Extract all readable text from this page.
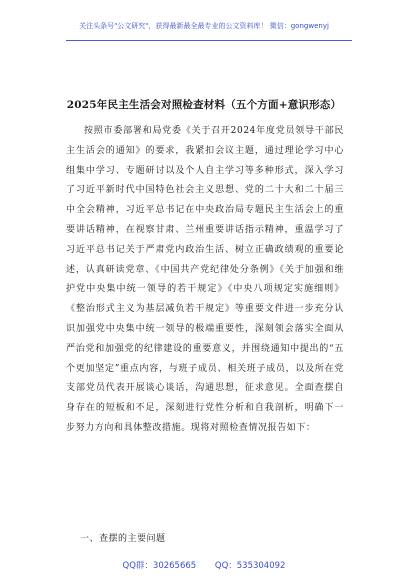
关注头条号"公文研究"，获得最新最全最专业的公文资料库！ 微信：gongwenyj
2025年民主生活会对照检查材料（五个方面+意识形态）

按照市委部署和局党委《关于召开2024年度党员领导干部民主生活会的通知》的要求，我紧扣会议主题，通过理论学习中心组集中学习、专题研讨以及个人自主学习等多种形式，深入学习了习近平新时代中国特色社会主义思想、党的二十大和二十届三中全会精神，习近平总书记在中央政治局专题民主生活会上的重要讲话精神，在视察甘肃、兰州重要讲话指示精神，重温学习了习近平总书记关于严肃党内政治生活、树立正确政绩观的重要论述，认真研读党章、《中国共产党纪律处分条例》《关于加强和维护党中央集中统一领导的若干规定》《中央八项规定实施细则》《整治形式主义为基层减负若干规定》等重要文件进一步充分认识加强党中央集中统一领导的极端重要性，深刻领会落实全面从严治党和加强党的纪律建设的重要意义，并围绕通知中提出的“五个更加坚定”重点内容，与班子成员、相关班子成员，以及所在党支部党员代表开展谈心谈话，沟通思想，征求意见。全面查摆自身存在的短板和不足，深刻进行党性分析和自我剖析，明确下一步努力方向和具体整改措施。现将对照检查情况报告如下：

一、查摆的主要问题
QQ群：30265665 QQ：535304092
